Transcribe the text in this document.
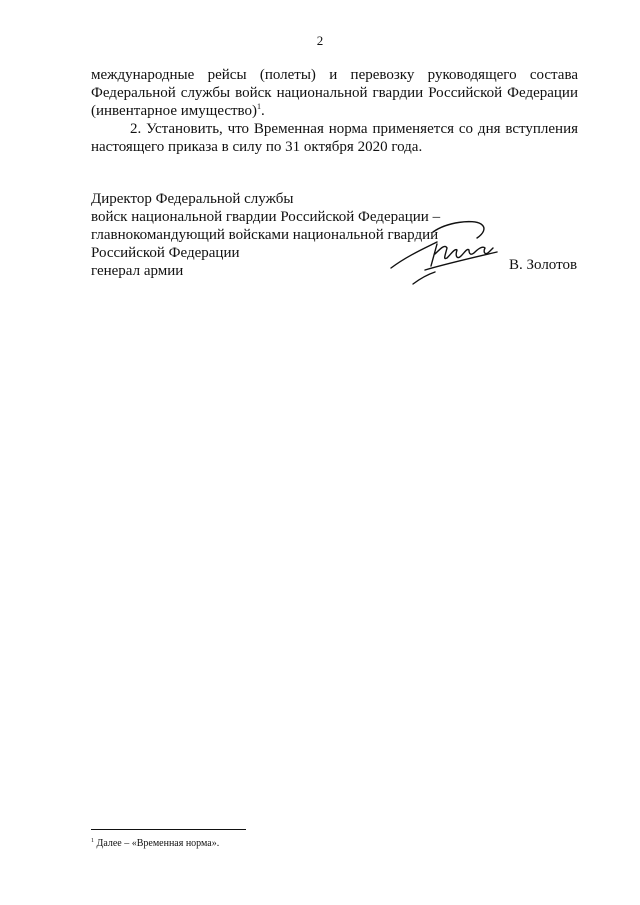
2

международные рейсы (полеты) и перевозку руководящего состава Федеральной службы войск национальной гвардии Российской Федерации (инвентарное имущество)$^1$.

2. Установить, что Временная норма применяется со дня вступления настоящего приказа в силу по 31 октября 2020 года.

Директор Федеральной службы
войск национальной гвардии Российской Федерации –
главнокомандующий войсками национальной гвардии
Российской Федерации
генерал армии	В. Золотов
$^1$ Далее – «Временная норма».
